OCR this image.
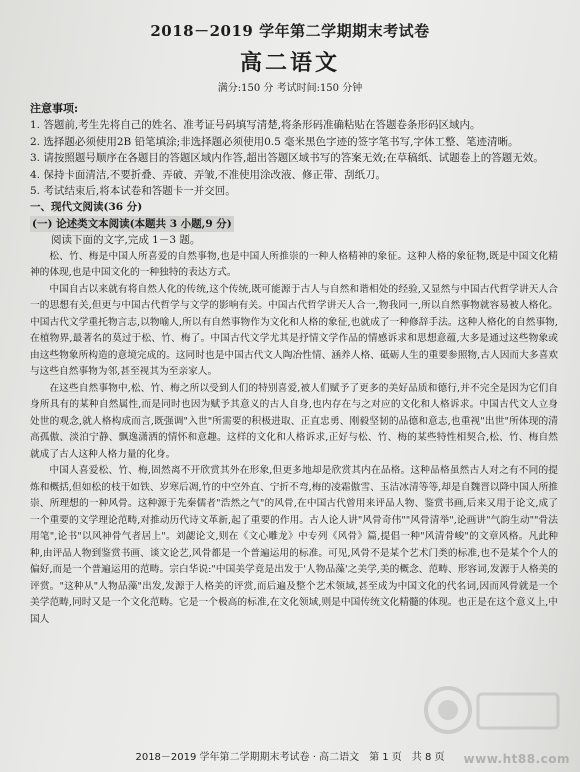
2018－2019 学年第二学期期末考试卷
高二语文
满分:150 分 考试时间:150 分钟
注意事项:
1. 答题前,考生先将自己的姓名、准考证号码填写清楚,将条形码准确粘贴在答题卷条形码区域内。
2. 选择题必须使用2B 铅笔填涂;非选择题必须使用0.5 毫米黑色字迹的签字笔书写,字体工整、笔迹清晰。
3. 请按照题号顺序在各题目的答题区域内作答,超出答题区域书写的答案无效;在草稿纸、试题卷上的答题无效。
4. 保持卡面清洁,不要折叠、弄破、弄皱,不准使用涂改液、修正带、刮纸刀。
5. 考试结束后,将本试卷和答题卡一并交回。
一、现代文阅读(36 分)
(一) 论述类文本阅读(本题共 3 小题,9 分)

阅读下面的文字,完成 1－3 题。

松、竹、梅是中国人所喜爱的自然事物,也是中国人所推崇的一种人格精神的象征。这种人格的象征物,既是中国文化精神的体现,也是中国文化的一种独特的表达方式。

中国自古以来就有将自然人化的传统,这个传统,既可能源于古人与自然和谐相处的经验,又显然与中国古代哲学讲天人合一的思想有关,但更与中国古代哲学与文学的影响有关。中国古代哲学讲天人合一,物我同一,所以自然事物就容易被人格化。中国古代文学重托物言志,以物喻人,所以有自然事物作为文化和人格的象征,也就成了一种修辞手法。这种人格化的自然事物,在植物界,最著名的莫过于松、竹、梅了。中国古代文学尤其是抒情文学作品的情感诉求和思想意蕴,大多是通过这些物象或由这些物象所构造的意境完成的。这同时也是中国古代文人陶冶性情、涵养人格、砥砺人生的重要参照物,古人因而大多喜欢与这些自然事物为邻,甚至视其为至亲家人。

在这些自然事物中,松、竹、梅之所以受到人们的特别喜爱,被人们赋予了更多的美好品质和德行,并不完全是因为它们自身所具有的某种自然属性,而是同时也因为赋予其意义的古人自身,也内存在与之对应的文化和人格诉求。中国古代文人立身处世的观念,就人格构成而言,既强调"入世"所需要的积极进取、正直忠勇、刚毅坚韧的品德和意志,也重视"出世"所体现的清高孤傲、淡泊宁静、飘逸潇洒的情怀和意趣。这样的文化和人格诉求,正好与松、竹、梅的某些特性相契合,松、竹、梅自然就成了古人这种人格力量的化身。

中国人喜爱松、竹、梅,固然离不开欣赏其外在形象,但更多地却是欣赏其内在品格。这种品格虽然古人对之有不同的提炼和概括,但如松的枝干如铁、岁寒后凋,竹的中空外直、宁折不弯,梅的凌霜傲雪、玉洁冰清等等,却是自魏晋以降中国人所推崇、所理想的一种风骨。这种源于先秦儒者"浩然之气"的风骨,在中国古代曾用来评品人物、鉴赏书画,后来又用于论文,成了一个重要的文学理论范畴,对推动历代诗文革新,起了重要的作用。古人论人讲"风骨奇伟""风骨清举",论画讲"气韵生动""骨法用笔",论书"以风神骨气者居上"。刘勰论文,则在《文心雕龙》中专列《风骨》篇,提倡一种"风清骨峻"的文章风格。凡此种种,由评品人物到鉴赏书画、谈文论艺,风骨都是一个普遍运用的标准。可见,风骨不是某个艺术门类的标准,也不是某个个人的偏好,而是一个普遍运用的范畴。宗白华说:"中国美学竟是出发于'人物品藻'之美学,美的概念、范畴、形容词,发源于人格美的评赏。"这种从"人物品藻"出发,发源于人格美的评赏,而后遍及整个艺术领域,甚至成为中国文化的代名词,因而风骨就是一个美学范畴,同时又是一个文化范畴。它是一个极高的标准,在文化领域,则是中国传统文化精髓的体现。也正是在这个意义上,中国人

2018－2019 学年第二学期期末考试卷 · 高二语文　第 1 页　共 8 页	www.ht88.com
